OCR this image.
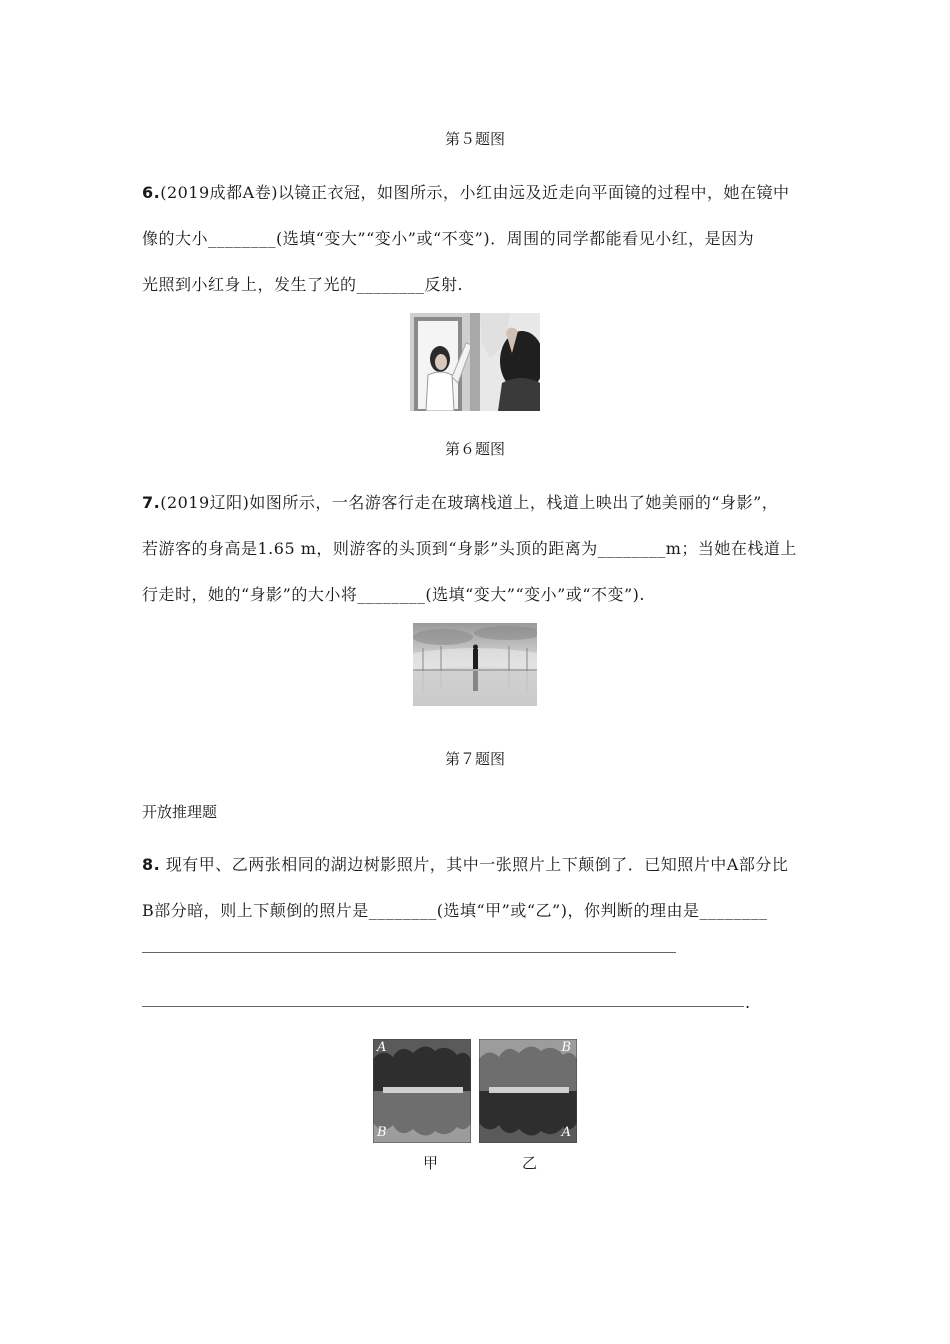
第５题图
6.(2019成都A卷)以镜正衣冠，如图所示，小红由远及近走向平面镜的过程中，她在镜中
像的大小________(选填“变大”“变小”或“不变”)．周围的同学都能看见小红，是因为
光照到小红身上，发生了光的________反射.
第６题图
7.(2019辽阳)如图所示，一名游客行走在玻璃栈道上，栈道上映出了她美丽的“身影”，
若游客的身高是1.65 m，则游客的头顶到“身影”头顶的距离为________m；当她在栈道上
行走时，她的“身影”的大小将________(选填“变大”“变小”或“不变”).
第７题图
开放推理题
8. 现有甲、乙两张相同的湖边树影照片，其中一张照片上下颠倒了．已知照片中A部分比
B部分暗，则上下颠倒的照片是________(选填“甲”或“乙”)，你判断的理由是________
.
A
B
B
A
甲	乙
